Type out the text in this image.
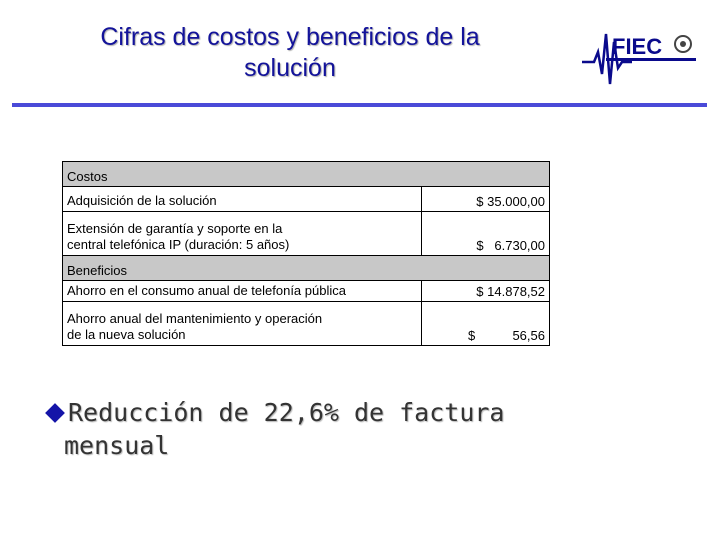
Cifras de costos y beneficios de la
solución
FIEC
Costos	
Adquisición de la solución	$ 35.000,00
Extensión de garantía y soporte en la
central telefónica IP (duración: 5 años)	$ 6.730,00
Beneficios	
Ahorro en el consumo anual de telefonía pública	$ 14.878,52
Ahorro anual del mantenimiento y operación
de la nueva solución	$ 56,56
Reducción de 22,6% de factura
mensual
